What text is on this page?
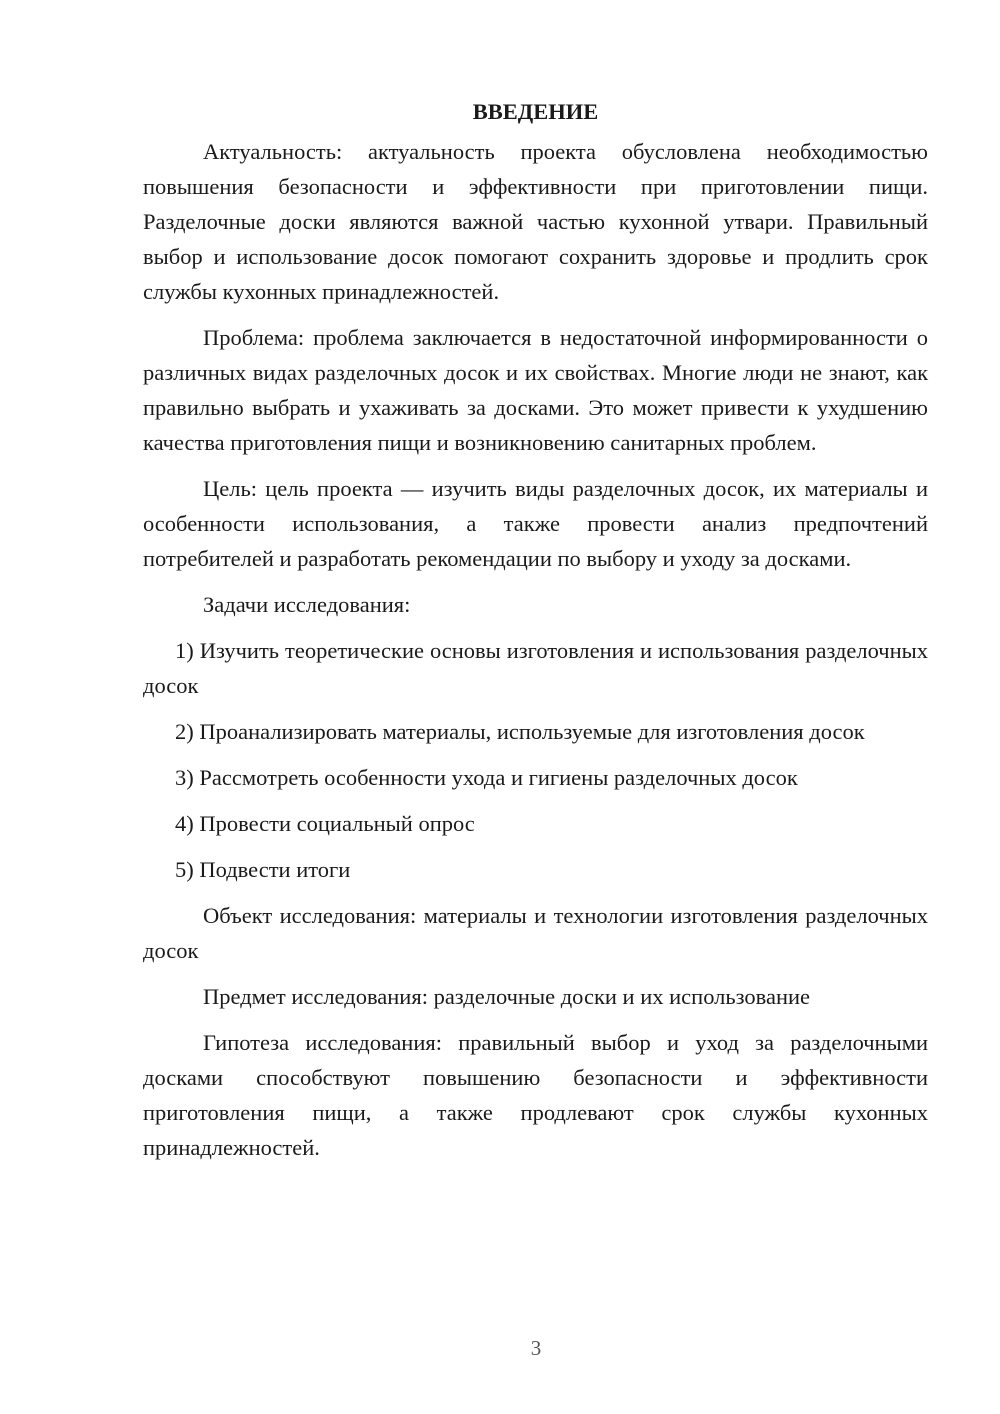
ВВЕДЕНИЕ

Актуальность: актуальность проекта обусловлена необходимостью повышения безопасности и эффективности при приготовлении пищи. Разделочные доски являются важной частью кухонной утвари. Правильный выбор и использование досок помогают сохранить здоровье и продлить срок службы кухонных принадлежностей.

Проблема: проблема заключается в недостаточной информированности о различных видах разделочных досок и их свойствах. Многие люди не знают, как правильно выбрать и ухаживать за досками. Это может привести к ухудшению качества приготовления пищи и возникновению санитарных проблем.

Цель: цель проекта — изучить виды разделочных досок, их материалы и особенности использования, а также провести анализ предпочтений потребителей и разработать рекомендации по выбору и уходу за досками.

Задачи исследования:

1) Изучить теоретические основы изготовления и использования разделочных досок

2) Проанализировать материалы, используемые для изготовления досок

3) Рассмотреть особенности ухода и гигиены разделочных досок

4) Провести социальный опрос

5) Подвести итоги

Объект исследования: материалы и технологии изготовления разделочных досок

Предмет исследования: разделочные доски и их использование

Гипотеза исследования: правильный выбор и уход за разделочными досками способствуют повышению безопасности и эффективности приготовления пищи, а также продлевают срок службы кухонных принадлежностей.

3
